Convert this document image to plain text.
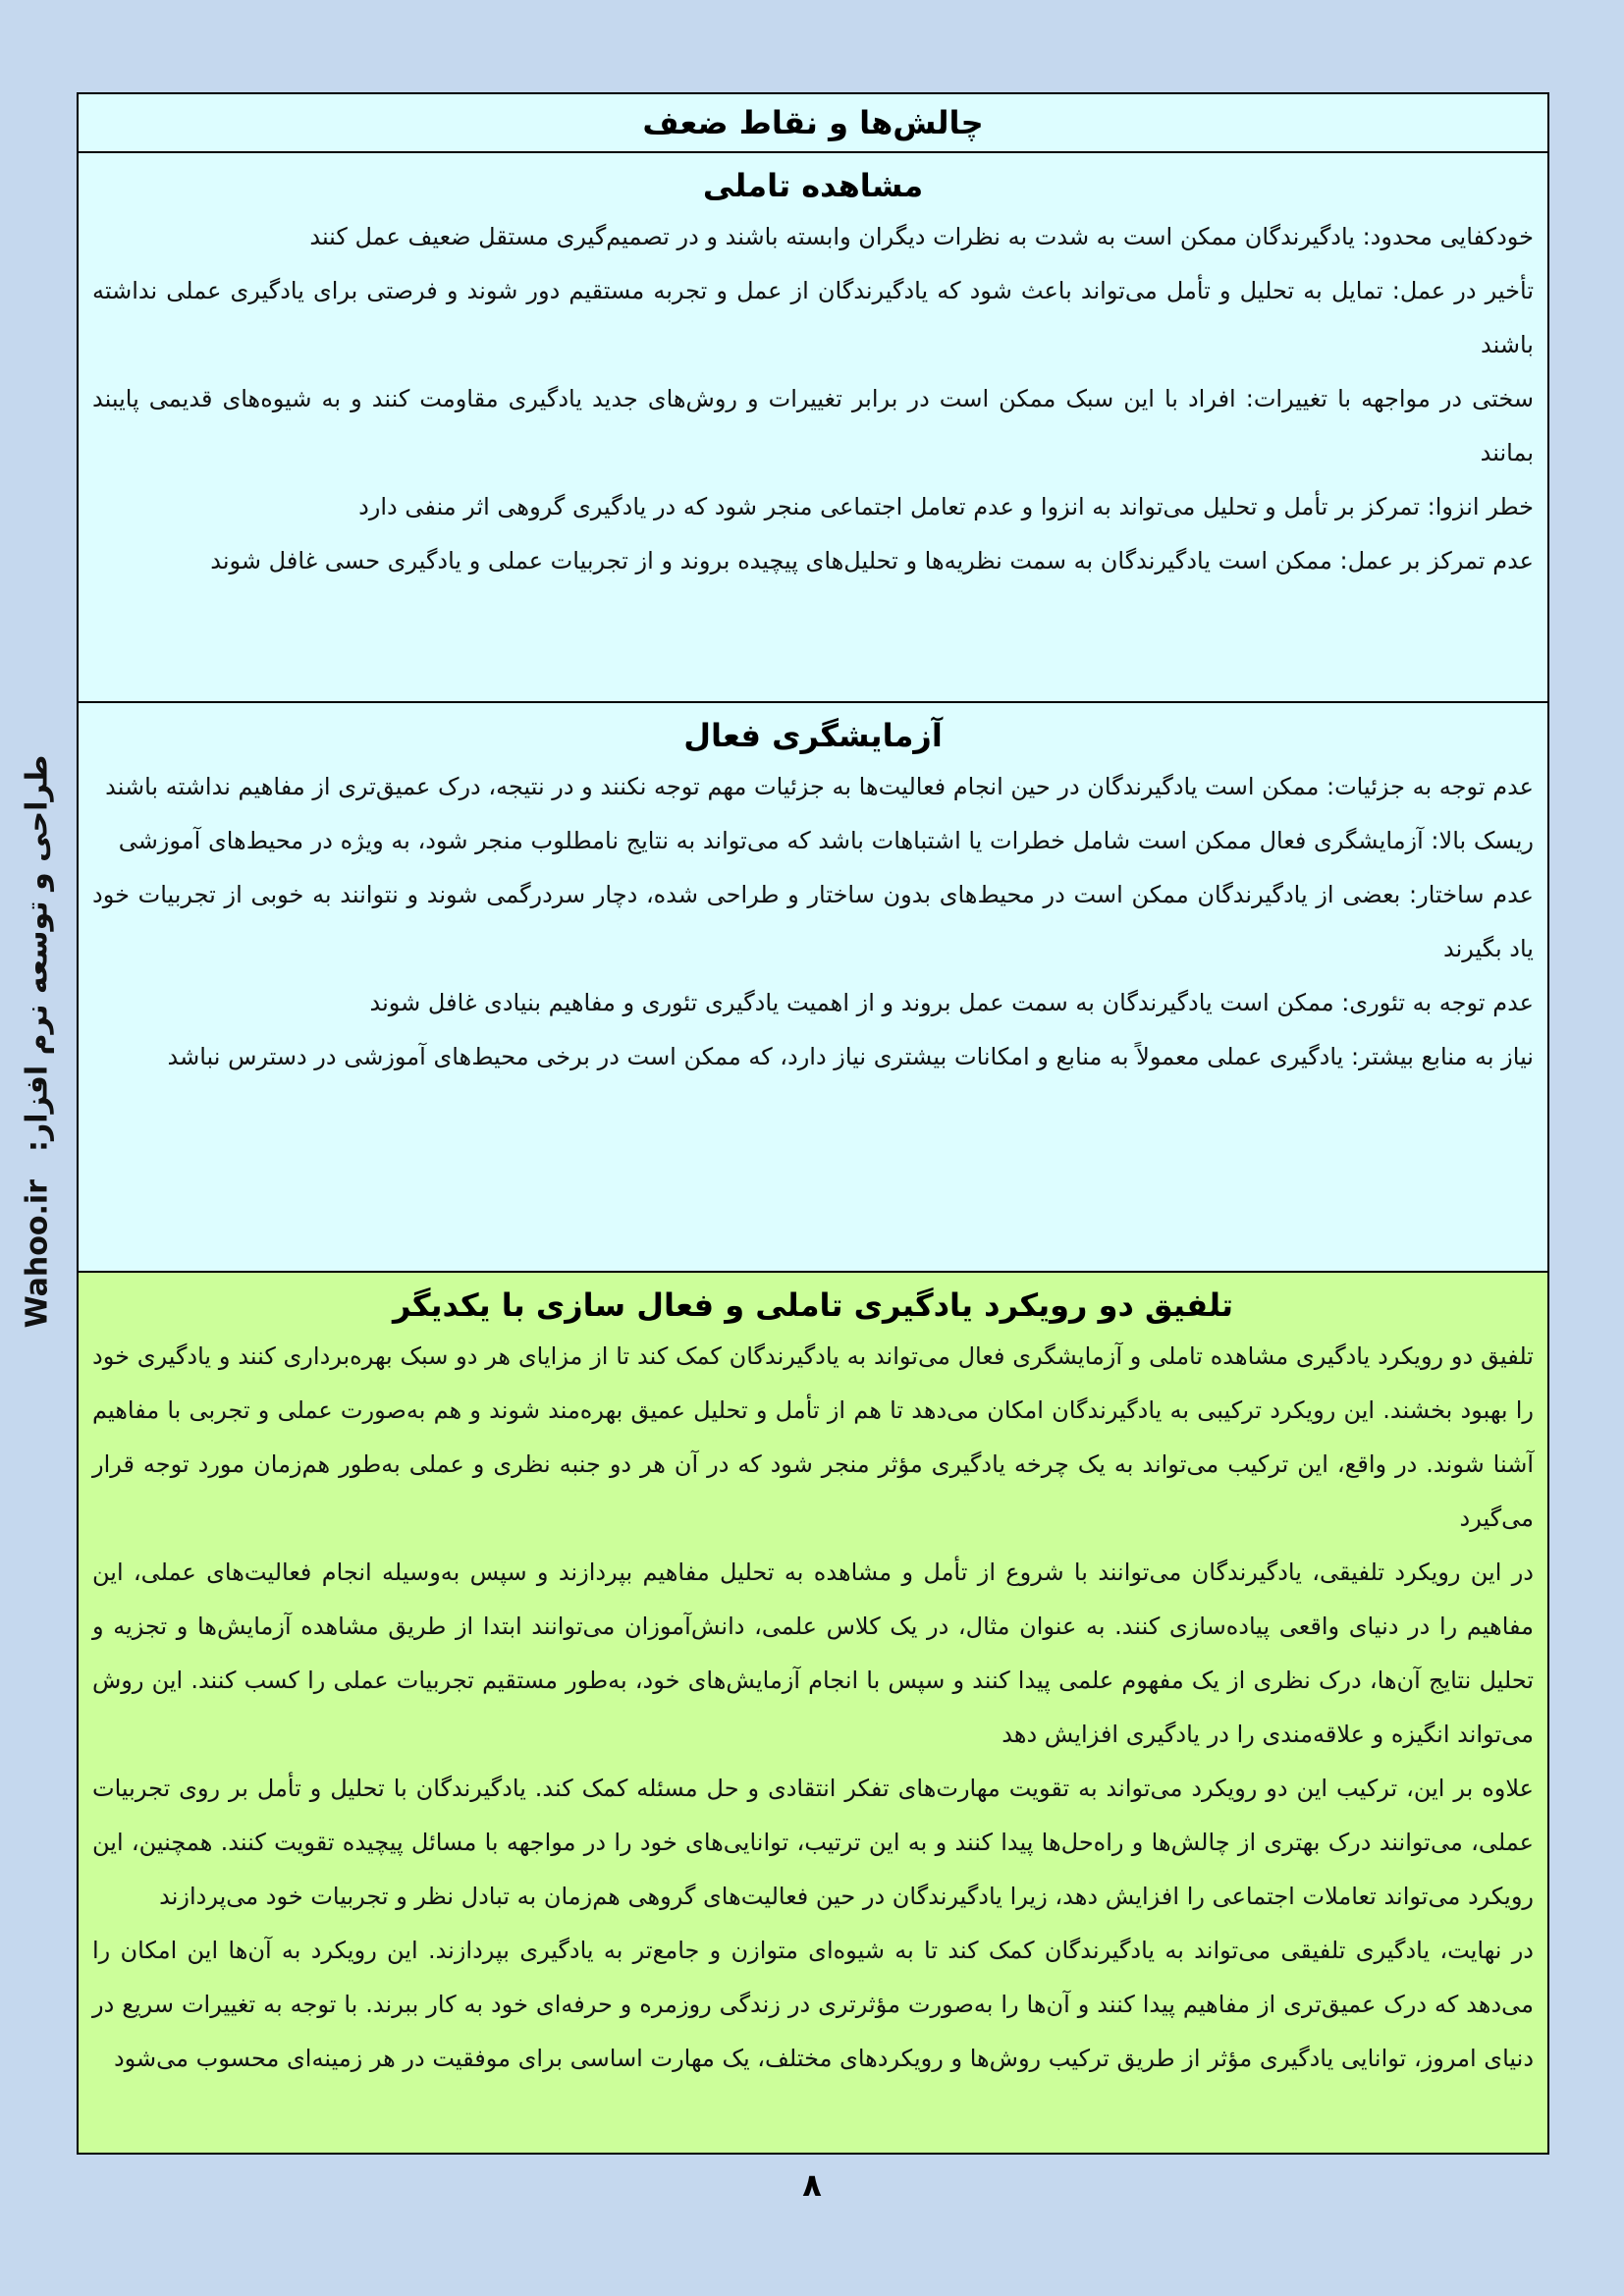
Wahoo.ir
طراحی و توسعه نرم افزار:
چالش‌ها و نقاط ضعف
مشاهده تاملی

خودکفایی محدود: یادگیرندگان ممکن است به شدت به نظرات دیگران وابسته باشند و در تصمیم‌گیری مستقل ضعیف عمل کنند

تأخیر در عمل: تمایل به تحلیل و تأمل می‌تواند باعث شود که یادگیرندگان از عمل و تجربه مستقیم دور شوند و فرصتی برای یادگیری عملی نداشته باشند

سختی در مواجهه با تغییرات: افراد با این سبک ممکن است در برابر تغییرات و روش‌های جدید یادگیری مقاومت کنند و به شیوه‌های قدیمی پایبند بمانند

خطر انزوا: تمرکز بر تأمل و تحلیل می‌تواند به انزوا و عدم تعامل اجتماعی منجر شود که در یادگیری گروهی اثر منفی دارد

عدم تمرکز بر عمل: ممکن است یادگیرندگان به سمت نظریه‌ها و تحلیل‌های پیچیده بروند و از تجربیات عملی و یادگیری حسی غافل شوند

آزمایشگری فعال

عدم توجه به جزئیات: ممکن است یادگیرندگان در حین انجام فعالیت‌ها به جزئیات مهم توجه نکنند و در نتیجه، درک عمیق‌تری از مفاهیم نداشته باشند

ریسک بالا: آزمایشگری فعال ممکن است شامل خطرات یا اشتباهات باشد که می‌تواند به نتایج نامطلوب منجر شود، به ویژه در محیط‌های آموزشی

عدم ساختار: بعضی از یادگیرندگان ممکن است در محیط‌های بدون ساختار و طراحی شده، دچار سردرگمی شوند و نتوانند به خوبی از تجربیات خود یاد بگیرند

عدم توجه به تئوری: ممکن است یادگیرندگان به سمت عمل بروند و از اهمیت یادگیری تئوری و مفاهیم بنیادی غافل شوند

نیاز به منابع بیشتر: یادگیری عملی معمولاً به منابع و امکانات بیشتری نیاز دارد، که ممکن است در برخی محیط‌های آموزشی در دسترس نباشد

تلفیق دو رویکرد یادگیری تاملی و فعال سازی با یکدیگر

تلفیق دو رویکرد یادگیری مشاهده تاملی و آزمایشگری فعال می‌تواند به یادگیرندگان کمک کند تا از مزایای هر دو سبک بهره‌برداری کنند و یادگیری خود را بهبود بخشند. این رویکرد ترکیبی به یادگیرندگان امکان می‌دهد تا هم از تأمل و تحلیل عمیق بهره‌مند شوند و هم به‌صورت عملی و تجربی با مفاهیم آشنا شوند. در واقع، این ترکیب می‌تواند به یک چرخه یادگیری مؤثر منجر شود که در آن هر دو جنبه نظری و عملی به‌طور هم‌زمان مورد توجه قرار می‌گیرد

در این رویکرد تلفیقی، یادگیرندگان می‌توانند با شروع از تأمل و مشاهده به تحلیل مفاهیم بپردازند و سپس به‌وسیله انجام فعالیت‌های عملی، این مفاهیم را در دنیای واقعی پیاده‌سازی کنند. به عنوان مثال، در یک کلاس علمی، دانش‌آموزان می‌توانند ابتدا از طریق مشاهده آزمایش‌ها و تجزیه و تحلیل نتایج آن‌ها، درک نظری از یک مفهوم علمی پیدا کنند و سپس با انجام آزمایش‌های خود، به‌طور مستقیم تجربیات عملی را کسب کنند. این روش می‌تواند انگیزه و علاقه‌مندی را در یادگیری افزایش دهد

علاوه بر این، ترکیب این دو رویکرد می‌تواند به تقویت مهارت‌های تفکر انتقادی و حل مسئله کمک کند. یادگیرندگان با تحلیل و تأمل بر روی تجربیات عملی، می‌توانند درک بهتری از چالش‌ها و راه‌حل‌ها پیدا کنند و به این ترتیب، توانایی‌های خود را در مواجهه با مسائل پیچیده تقویت کنند. همچنین، این رویکرد می‌تواند تعاملات اجتماعی را افزایش دهد، زیرا یادگیرندگان در حین فعالیت‌های گروهی هم‌زمان به تبادل نظر و تجربیات خود می‌پردازند

در نهایت، یادگیری تلفیقی می‌تواند به یادگیرندگان کمک کند تا به شیوه‌ای متوازن و جامع‌تر به یادگیری بپردازند. این رویکرد به آن‌ها این امکان را می‌دهد که درک عمیق‌تری از مفاهیم پیدا کنند و آن‌ها را به‌صورت مؤثرتری در زندگی روزمره و حرفه‌ای خود به کار ببرند. با توجه به تغییرات سریع در دنیای امروز، توانایی یادگیری مؤثر از طریق ترکیب روش‌ها و رویکردهای مختلف، یک مهارت اساسی برای موفقیت در هر زمینه‌ای محسوب می‌شود

۸
